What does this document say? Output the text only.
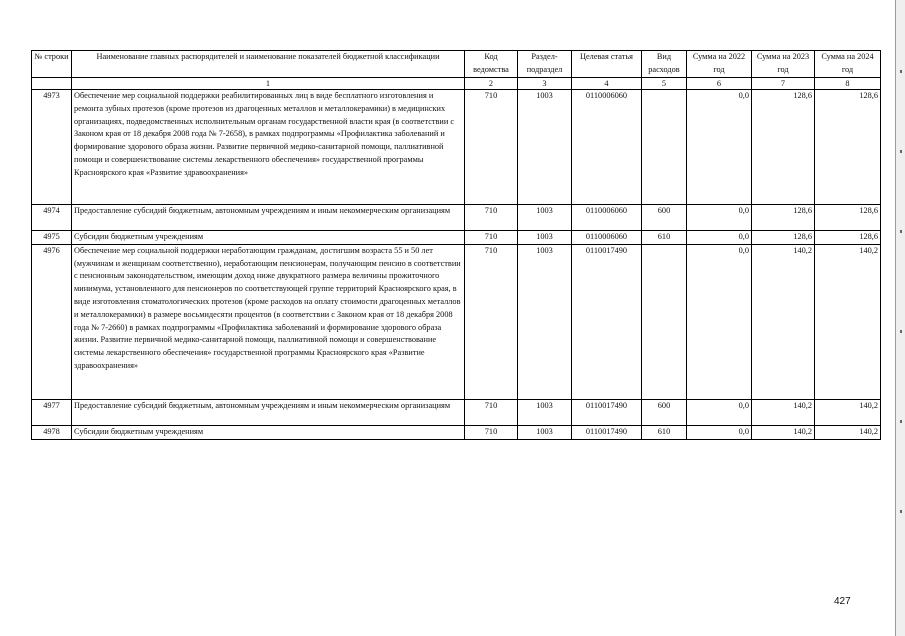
№ строки	Наименование главных распорядителей и наименование показателей бюджетной классификации	Код ведомства	Раздел-подраздел	Целевая статья	Вид расходов	Сумма на 2022 год	Сумма на 2023 год	Сумма на 2024 год
	1	2	3	4	5	6	7	8
4973	Обеспечение мер социальной поддержки реабилитированных лиц в виде бесплатного изготовления и ремонта зубных протезов (кроме протезов из драгоценных металлов и металлокерамики) в медицинских организациях, подведомственных исполнительным органам государственной власти края (в соответствии с Законом края от 18 декабря 2008 года № 7-2658), в рамках подпрограммы «Профилактика заболеваний и формирование здорового образа жизни. Развитие первичной медико-санитарной помощи, паллиативной помощи и совершенствование системы лекарственного обеспечения» государственной программы Красноярского края «Развитие здравоохранения»	710	1003	0110006060		0,0	128,6	128,6
4974	Предоставление субсидий бюджетным, автономным учреждениям и иным некоммерческим организациям	710	1003	0110006060	600	0,0	128,6	128,6
4975	Субсидии бюджетным учреждениям	710	1003	0110006060	610	0,0	128,6	128,6
4976	Обеспечение мер социальной поддержки неработающим гражданам, достигшим возраста 55 и 50 лет (мужчинам и женщинам соответственно), неработающим пенсионерам, получающим пенсию в соответствии с пенсионным законодательством, имеющим доход ниже двукратного размера величины прожиточного минимума, установленного для пенсионеров по соответствующей группе территорий Красноярского края, в виде изготовления стоматологических протезов (кроме расходов на оплату стоимости драгоценных металлов и металлокерамики) в размере восьмидесяти процентов (в соответствии с Законом края от 18 декабря 2008 года № 7-2660) в рамках подпрограммы «Профилактика заболеваний и формирование здорового образа жизни. Развитие первичной медико-санитарной помощи, паллиативной помощи и совершенствование системы лекарственного обеспечения» государственной программы Красноярского края «Развитие здравоохранения»	710	1003	0110017490		0,0	140,2	140,2
4977	Предоставление субсидий бюджетным, автономным учреждениям и иным некоммерческим организациям	710	1003	0110017490	600	0,0	140,2	140,2
4978	Субсидии бюджетным учреждениям	710	1003	0110017490	610	0,0	140,2	140,2
427
